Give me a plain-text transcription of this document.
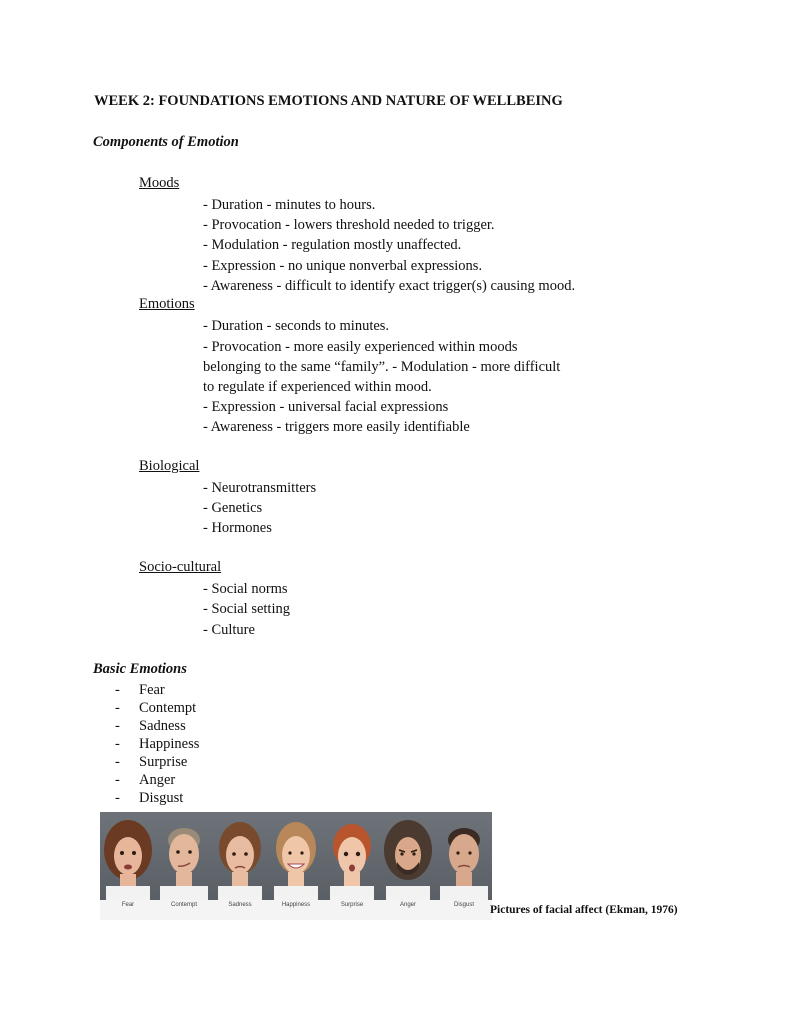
WEEK 2: FOUNDATIONS EMOTIONS AND NATURE OF WELLBEING
Components of Emotion
Moods
- Duration - minutes to hours.
- Provocation - lowers threshold needed to trigger.
- Modulation - regulation mostly unaffected.
- Expression - no unique nonverbal expressions.
- Awareness - difficult to identify exact trigger(s) causing mood.
Emotions
- Duration - seconds to minutes.
- Provocation - more easily experienced within moods
belonging to the same “family”. - Modulation - more difficult
to regulate if experienced within mood.
- Expression - universal facial expressions
- Awareness - triggers more easily identifiable
Biological
- Neurotransmitters
- Genetics
- Hormones
Socio-cultural
- Social norms
- Social setting
- Culture
Basic Emotions
- Fear
- Contempt
- Sadness
- Happiness
- Surprise
- Anger
- Disgust
Fear	Contempt	Sadness	Happiness	Surprise	Anger	Disgust	Pictures of facial affect (Ekman, 1976)
